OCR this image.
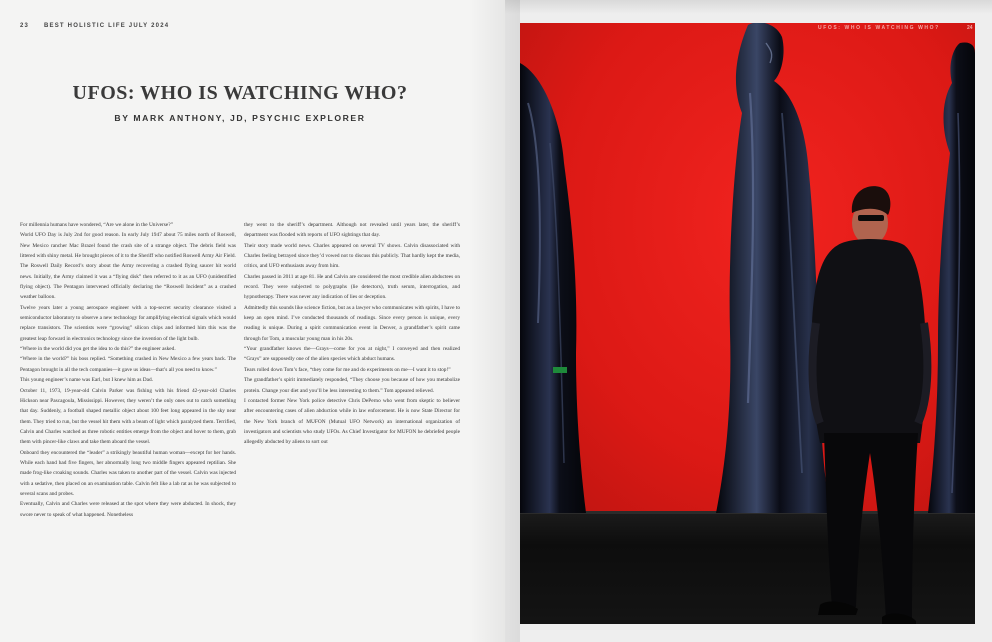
23 BEST HOLISTIC LIFE JULY 2024
UFOS: WHO IS WATCHING WHO?
BY MARK ANTHONY, JD, PSYCHIC EXPLORER

For millennia humans have wondered, “Are we alone in the Universe?”

World UFO Day is July 2nd for good reason. In early July 1947 about 75 miles north of Roswell, New Mexico rancher Mac Brazel found the crash site of a strange object. The debris field was littered with shiny metal. He brought pieces of it to the Sheriff who notified Roswell Army Air Field.

The Roswell Daily Record’s story about the Army recovering a crashed flying saucer hit world news. Initially, the Army claimed it was a “flying disk” then referred to it as an UFO (unidentified flying object). The Pentagon intervened officially declaring the “Roswell Incident” as a crashed weather balloon.

Twelve years later a young aerospace engineer with a top-secret security clearance visited a semiconductor laboratory to observe a new technology for amplifying electrical signals which would replace transistors. The scientists were “growing” silicon chips and informed him this was the greatest leap forward in electronics technology since the invention of the light bulb.

“Where in the world did you get the idea to do this?” the engineer asked.

“Where in the world?” his boss replied. “Something crashed in New Mexico a few years back. The Pentagon brought in all the tech companies—it gave us ideas—that’s all you need to know.”

This young engineer’s name was Earl, but I knew him as Dad.

October 11, 1973, 19-year-old Calvin Parker was fishing with his friend 42-year-old Charles Hickson near Pascagoula, Mississippi. However, they weren’t the only ones out to catch something that day. Suddenly, a football shaped metallic object about 100 feet long appeared in the sky near them. They tried to run, but the vessel hit them with a beam of light which paralyzed them. Terrified, Calvin and Charles watched as three robotic entities emerge from the object and hover to them, grab them with pincer-like claws and take them aboard the vessel.

Onboard they encountered the “leader” a strikingly beautiful human woman—except for her hands. While each hand had five fingers, her abnormally long two middle fingers appeared reptilian. She made frog-like croaking sounds. Charles was taken to another part of the vessel. Calvin was injected with a sedative, then placed on an examination table. Calvin felt like a lab rat as he was subjected to several scans and probes.

Eventually, Calvin and Charles were released at the spot where they were abducted. In shock, they swore never to speak of what happened. Nonetheless

they went to the sheriff’s department. Although not revealed until years later, the sheriff’s department was flooded with reports of UFO sightings that day.

Their story made world news. Charles appeared on several TV shows. Calvin disassociated with Charles feeling betrayed since they’d vowed not to discuss this publicly. That hardly kept the media, critics, and UFO enthusiasts away from him.

Charles passed in 2011 at age 81. He and Calvin are considered the most credible alien abductees on record. They were subjected to polygraphs (lie detectors), truth serum, interrogation, and hypnotherapy. There was never any indication of lies or deception.

Admittedly this sounds like science fiction, but as a lawyer who communicates with spirits, I have to keep an open mind. I’ve conducted thousands of readings. Since every person is unique, every reading is unique. During a spirit communication event in Denver, a grandfather’s spirit came through for Tom, a muscular young man in his 20s.

“Your grandfather knows the—Grays—come for you at night,” I conveyed and then realized “Grays” are supposedly one of the alien species which abduct humans.

Tears rolled down Tom’s face, “they come for me and do experiments on me—I want it to stop!”

The grandfather’s spirit immediately responded, “They choose you because of how you metabolize protein. Change your diet and you’ll be less interesting to them.” Tom appeared relieved.

I contacted former New York police detective Chris DePerno who went from skeptic to believer after encountering cases of alien abduction while in law enforcement. He is now State Director for the New York branch of MUFON (Mutual UFO Network) an international organization of investigators and scientists who study UFOs. As Chief Investigator for MUFON he debriefed people allegedly abducted by aliens to sort out

UFOS: WHO IS WATCHING WHO?	24
